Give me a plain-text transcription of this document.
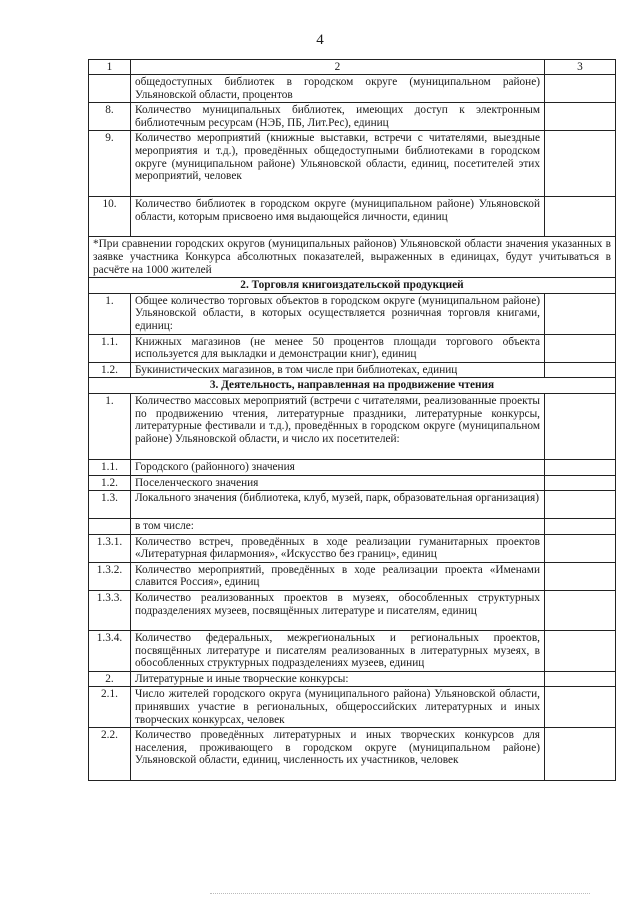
4
1	2	3
	общедоступных библиотек в городском округе (муниципальном районе) Ульяновской области, процентов	
8.	Количество муниципальных библиотек, имеющих доступ к электронным библиотечным ресурсам (НЭБ, ПБ, Лит.Рес), единиц	
9.	Количество мероприятий (книжные выставки, встречи с читателями, выездные мероприятия и т.д.), проведённых общедоступными библиотеками в городском округе (муниципальном районе) Ульяновской области, единиц, посетителей этих мероприятий, человек	
10.	Количество библиотек в городском округе (муниципальном районе) Ульяновской области, которым присвоено имя выдающейся личности, единиц	
*При сравнении городских округов (муниципальных районов) Ульяновской области значения указанных в заявке участника Конкурса абсолютных показателей, выраженных в единицах, будут учитываться в расчёте на 1000 жителей		
2. Торговля книгоиздательской продукцией		
1.	Общее количество торговых объектов в городском округе (муниципальном районе) Ульяновской области, в которых осуществляется розничная торговля книгами, единиц:	
1.1.	Книжных магазинов (не менее 50 процентов площади торгового объекта используется для выкладки и демонстрации книг), единиц	
1.2.	Букинистических магазинов, в том числе при библиотеках, единиц	
3. Деятельность, направленная на продвижение чтения		
1.	Количество массовых мероприятий (встречи с читателями, реализованные проекты по продвижению чтения, литературные праздники, литературные конкурсы, литературные фестивали и т.д.), проведённых в городском округе (муниципальном районе) Ульяновской области, и число их посетителей:	
1.1.	Городского (районного) значения	
1.2.	Поселенческого значения	
1.3.	Локального значения (библиотека, клуб, музей, парк, образовательная организация)	
	в том числе:	
1.3.1.	Количество встреч, проведённых в ходе реализации гуманитарных проектов «Литературная филармония», «Искусство без границ», единиц	
1.3.2.	Количество мероприятий, проведённых в ходе реализации проекта «Именами славится Россия», единиц	
1.3.3.	Количество реализованных проектов в музеях, обособленных структурных подразделениях музеев, посвящённых литературе и писателям, единиц	
1.3.4.	Количество федеральных, межрегиональных и региональных проектов, посвящённых литературе и писателям реализованных в литературных музеях, в обособленных структурных подразделениях музеев, единиц	
2.	Литературные и иные творческие конкурсы:	
2.1.	Число жителей городского округа (муниципального района) Ульяновской области, принявших участие в региональных, общероссийских литературных и иных творческих конкурсах, человек	
2.2.	Количество проведённых литературных и иных творческих конкурсов для населения, проживающего в городском округе (муниципальном районе) Ульяновской области, единиц, численность их участников, человек	
